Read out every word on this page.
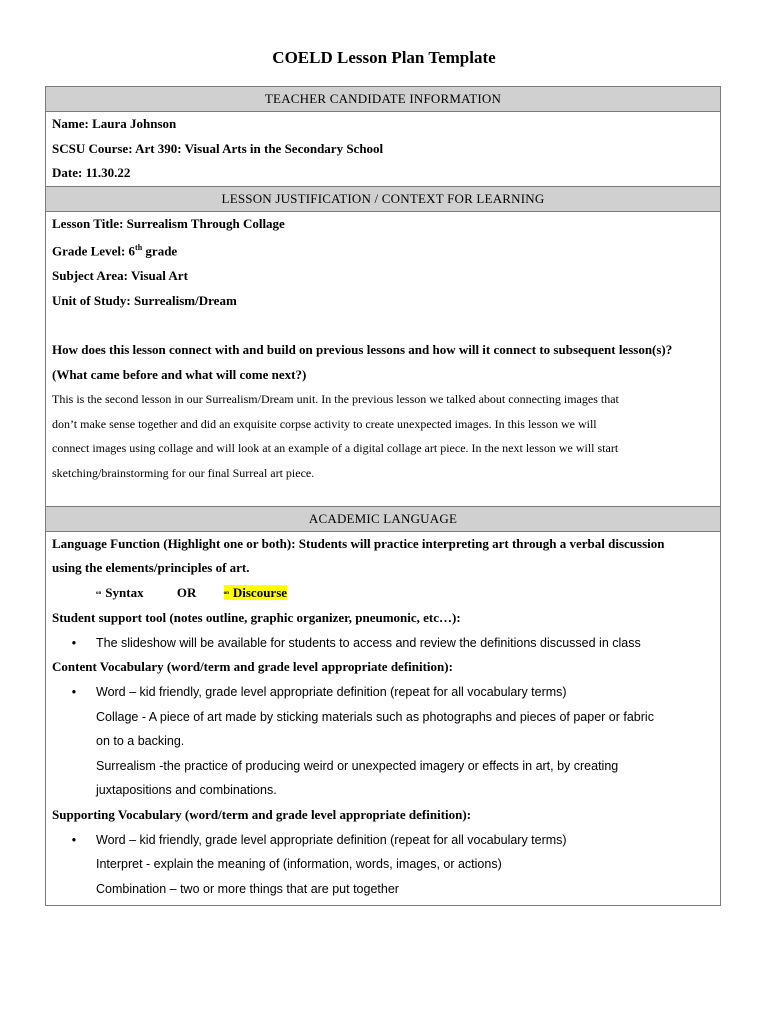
COELD Lesson Plan Template
TEACHER CANDIDATE INFORMATION
Name: Laura Johnson
SCSU Course: Art 390: Visual Arts in the Secondary School
Date: 11.30.22
LESSON JUSTIFICATION / CONTEXT FOR LEARNING
Lesson Title: Surrealism Through Collage
Grade Level: 6th grade
Subject Area: Visual Art
Unit of Study: Surrealism/Dream

How does this lesson connect with and build on previous lessons and how will it connect to subsequent lesson(s)?
(What came before and what will come next?)
This is the second lesson in our Surrealism/Dream unit. In the previous lesson we talked about connecting images that
don’t make sense together and did an exquisite corpse activity to create unexpected images. In this lesson we will
connect images using collage and will look at an example of a digital collage art piece. In the next lesson we will start
sketching/brainstorming for our final Surreal art piece.
ACADEMIC LANGUAGE
Language Function (Highlight one or both): Students will practice interpreting art through a verbal discussion
using the elements/principles of art.
on Syntax	OR	on Discourse
Student support tool (notes outline, graphic organizer, pneumonic, etc…):
•	The slideshow will be available for students to access and review the definitions discussed in class
Content Vocabulary (word/term and grade level appropriate definition):
•	Word – kid friendly, grade level appropriate definition (repeat for all vocabulary terms)
Collage - A piece of art made by sticking materials such as photographs and pieces of paper or fabric
on to a backing.
Surrealism -the practice of producing weird or unexpected imagery or effects in art, by creating
juxtapositions and combinations.
Supporting Vocabulary (word/term and grade level appropriate definition):
•	Word – kid friendly, grade level appropriate definition (repeat for all vocabulary terms)
Interpret - explain the meaning of (information, words, images, or actions)
Combination – two or more things that are put together
